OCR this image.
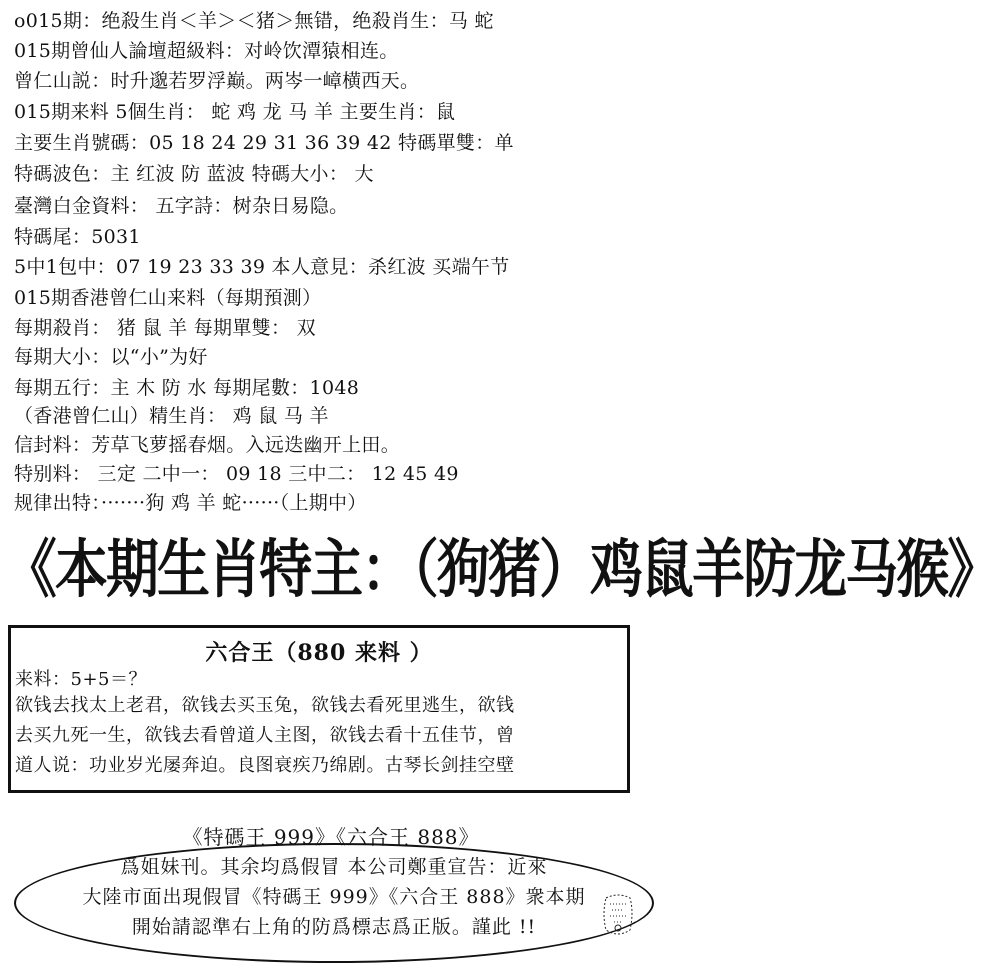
o015期：绝殺生肖＜羊＞＜猪＞無错，绝殺肖生：马 蛇
015期曾仙人論壇超級料：对岭饮潭猿相连。
曾仁山説：时升邈若罗浮巅。两岑一嶂横西天。
015期来料 5個生肖： 蛇 鸡 龙 马 羊 主要生肖：鼠
主要生肖號碼：05 18 24 29 31 36 39 42 特碼單雙：单
特碼波色：主 红波 防 蓝波 特碼大小： 大
臺灣白金資料： 五字詩：树杂日易隐。
特碼尾：5031
5中1包中：07 19 23 33 39 本人意見：杀红波 买端午节
015期香港曾仁山来料（每期預測）
每期殺肖： 猪 鼠 羊 每期單雙： 双
每期大小：以“小”为好
每期五行：主 木 防 水 每期尾數：1048
（香港曾仁山）精生肖： 鸡 鼠 马 羊
信封料：芳草飞萝摇春烟。入远迭幽开上田。
特别料： 三定 二中一： 09 18 三中二： 12 45 49
规律出特：·······狗 鸡 羊 蛇······（上期中）
《本期生肖特主：（狗猪）鸡鼠羊防龙马猴》
六合王（880 来料 ）
来料：5+5＝？
欲钱去找太上老君，欲钱去买玉兔，欲钱去看死里逃生，欲钱
去买九死一生，欲钱去看曾道人主图，欲钱去看十五佳节，曾
道人说：功业岁光屡奔迫。良图衰疾乃绵剧。古琴长剑挂空壁
《特碼王 999》《六合王 888》
爲姐妹刊。其余均爲假冒 本公司鄭重宣告：近來
大陸市面出現假冒《特碼王 999》《六合王 888》衆本期
開始請認準右上角的防爲標志爲正版。謹此 !!
